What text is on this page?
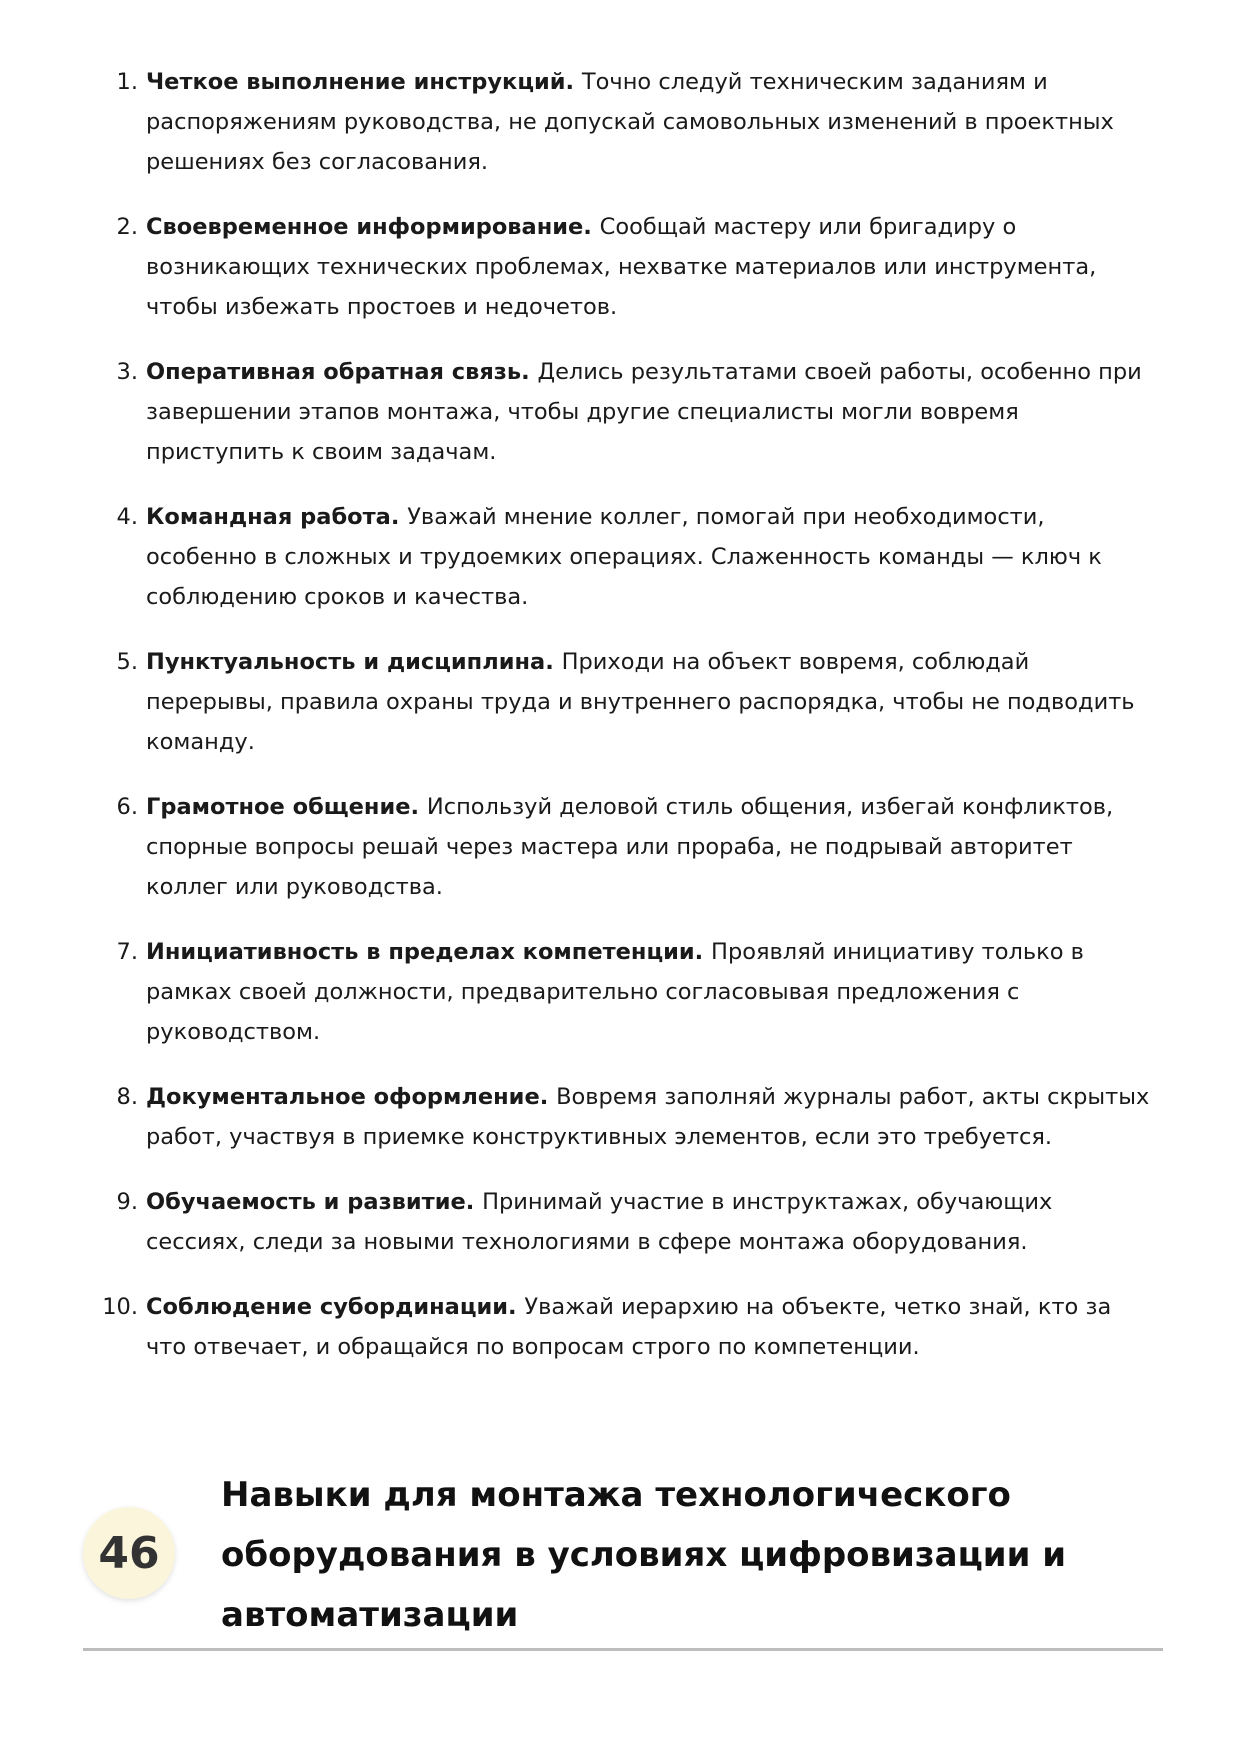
1. Четкое выполнение инструкций. Точно следуй техническим заданиям и распоряжениям руководства, не допускай самовольных изменений в проектных решениях без согласования.
2. Своевременное информирование. Сообщай мастеру или бригадиру о возникающих технических проблемах, нехватке материалов или инструмента, чтобы избежать простоев и недочетов.
3. Оперативная обратная связь. Делись результатами своей работы, особенно при завершении этапов монтажа, чтобы другие специалисты могли вовремя приступить к своим задачам.
4. Командная работа. Уважай мнение коллег, помогай при необходимости, особенно в сложных и трудоемких операциях. Слаженность команды — ключ к соблюдению сроков и качества.
5. Пунктуальность и дисциплина. Приходи на объект вовремя, соблюдай перерывы, правила охраны труда и внутреннего распорядка, чтобы не подводить команду.
6. Грамотное общение. Используй деловой стиль общения, избегай конфликтов, спорные вопросы решай через мастера или прораба, не подрывай авторитет коллег или руководства.
7. Инициативность в пределах компетенции. Проявляй инициативу только в рамках своей должности, предварительно согласовывая предложения с руководством.
8. Документальное оформление. Вовремя заполняй журналы работ, акты скрытых работ, участвуя в приемке конструктивных элементов, если это требуется.
9. Обучаемость и развитие. Принимай участие в инструктажах, обучающих сессиях, следи за новыми технологиями в сфере монтажа оборудования.
10. Соблюдение субординации. Уважай иерархию на объекте, четко знай, кто за что отвечает, и обращайся по вопросам строго по компетенции.
46
Навыки для монтажа технологического оборудования в условиях цифровизации и автоматизации
